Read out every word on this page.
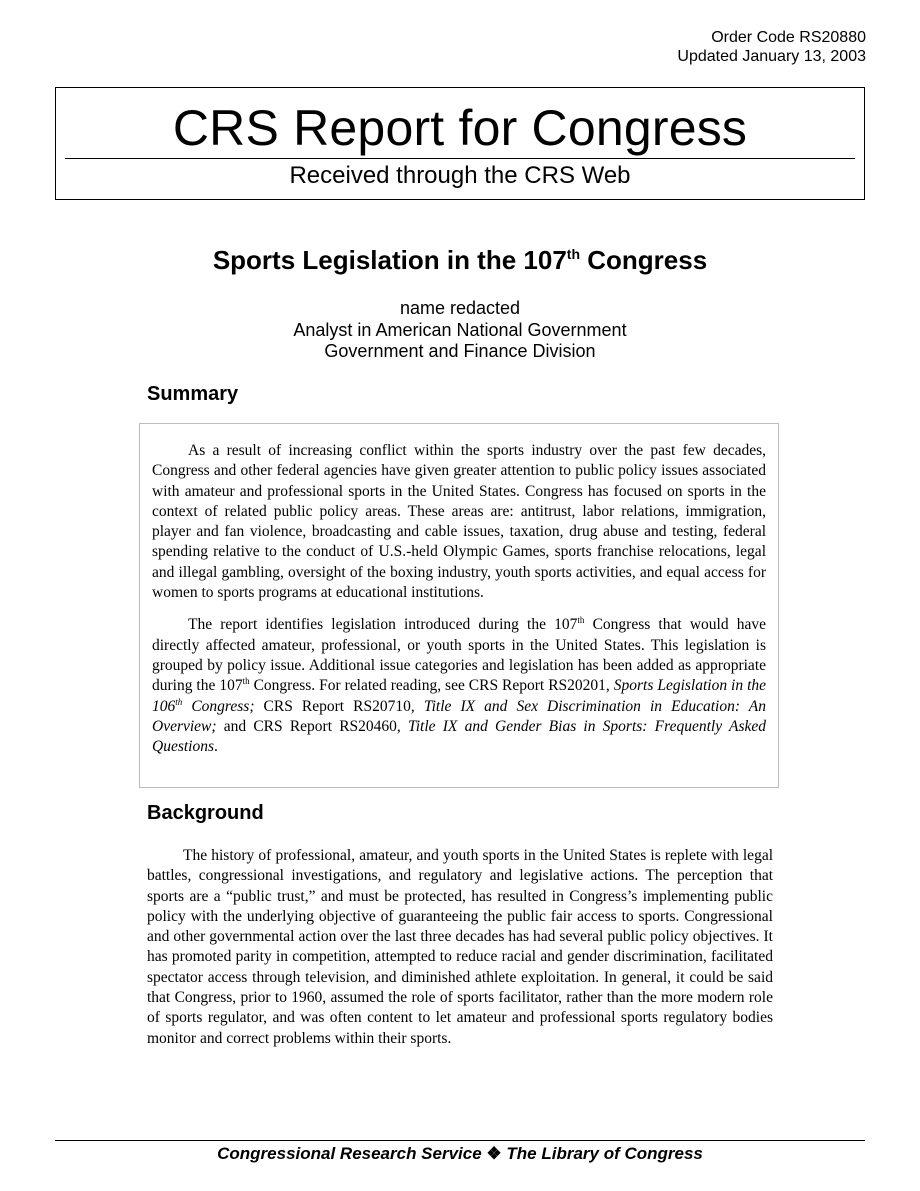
Order Code RS20880
Updated January 13, 2003
CRS Report for Congress
Received through the CRS Web
Sports Legislation in the 107th Congress
name redacted
Analyst in American National Government
Government and Finance Division
Summary

As a result of increasing conflict within the sports industry over the past few decades, Congress and other federal agencies have given greater attention to public policy issues associated with amateur and professional sports in the United States. Congress has focused on sports in the context of related public policy areas. These areas are: antitrust, labor relations, immigration, player and fan violence, broadcasting and cable issues, taxation, drug abuse and testing, federal spending relative to the conduct of U.S.-held Olympic Games, sports franchise relocations, legal and illegal gambling, oversight of the boxing industry, youth sports activities, and equal access for women to sports programs at educational institutions.

The report identifies legislation introduced during the 107th Congress that would have directly affected amateur, professional, or youth sports in the United States. This legislation is grouped by policy issue. Additional issue categories and legislation has been added as appropriate during the 107th Congress. For related reading, see CRS Report RS20201, Sports Legislation in the 106th Congress; CRS Report RS20710, Title IX and Sex Discrimination in Education: An Overview; and CRS Report RS20460, Title IX and Gender Bias in Sports: Frequently Asked Questions.

Background

The history of professional, amateur, and youth sports in the United States is replete with legal battles, congressional investigations, and regulatory and legislative actions. The perception that sports are a “public trust,” and must be protected, has resulted in Congress’s implementing public policy with the underlying objective of guaranteeing the public fair access to sports. Congressional and other governmental action over the last three decades has had several public policy objectives. It has promoted parity in competition, attempted to reduce racial and gender discrimination, facilitated spectator access through television, and diminished athlete exploitation. In general, it could be said that Congress, prior to 1960, assumed the role of sports facilitator, rather than the more modern role of sports regulator, and was often content to let amateur and professional sports regulatory bodies monitor and correct problems within their sports.

Congressional Research Service ❖ The Library of Congress
